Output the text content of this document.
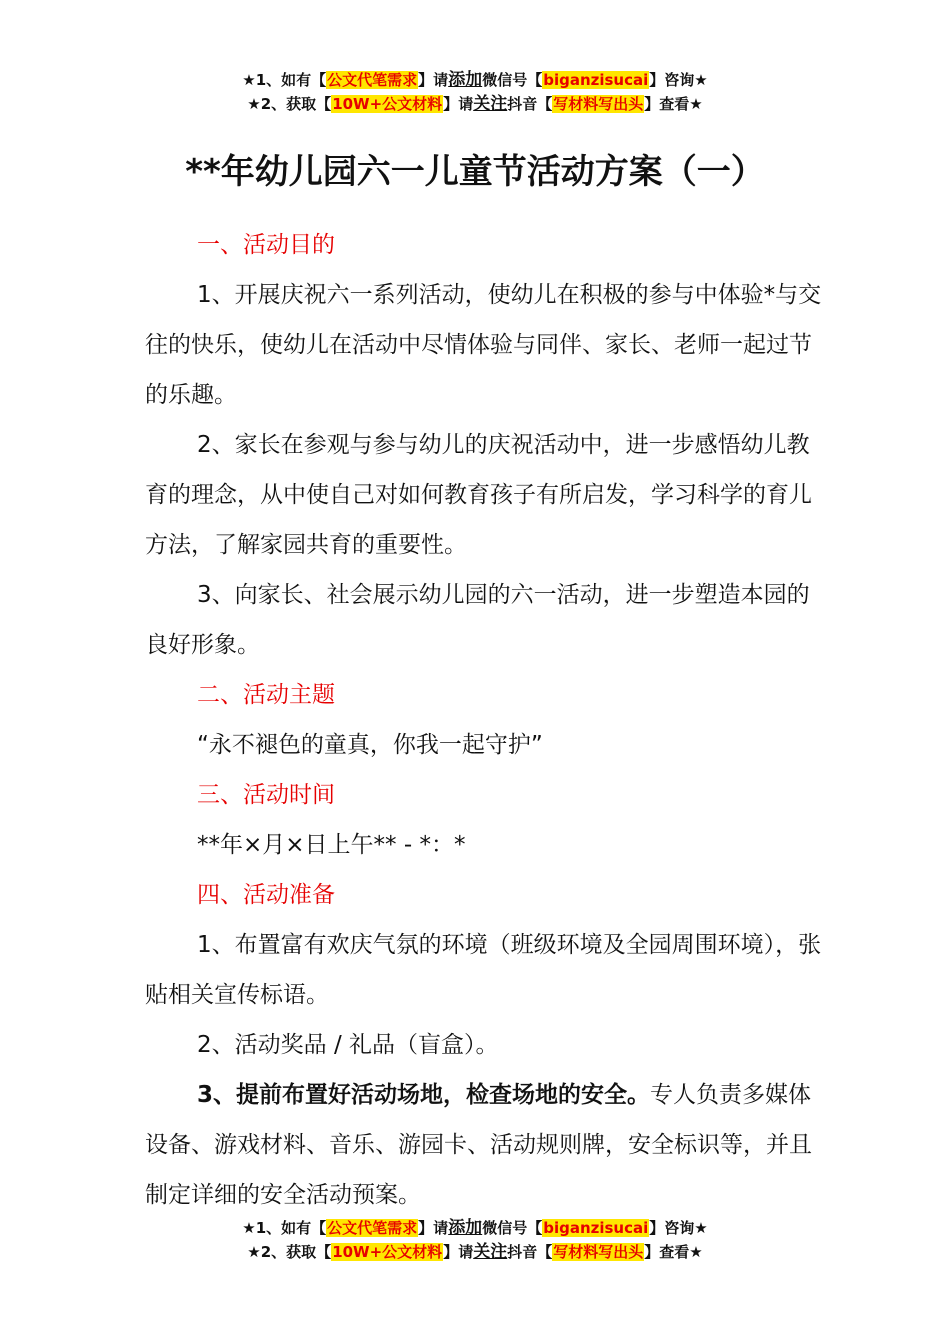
★1、如有【公文代笔需求】请添加微信号【biganzisucai】咨询★
★2、获取【10W+公文材料】请关注抖音【写材料写出头】查看★
**年幼儿园六一儿童节活动方案（一）

一、活动目的

1、开展庆祝六一系列活动，使幼儿在积极的参与中体验*与交往的快乐，使幼儿在活动中尽情体验与同伴、家长、老师一起过节的乐趣。

2、家长在参观与参与幼儿的庆祝活动中，进一步感悟幼儿教育的理念，从中使自己对如何教育孩子有所启发，学习科学的育儿方法，了解家园共育的重要性。

3、向家长、社会展示幼儿园的六一活动，进一步塑造本园的良好形象。

二、活动主题

“永不褪色的童真，你我一起守护”

三、活动时间

**年×月×日上午** - *：*

四、活动准备

1、布置富有欢庆气氛的环境（班级环境及全园周围环境），张贴相关宣传标语。

2、活动奖品 / 礼品（盲盒）。

3、提前布置好活动场地，检查场地的安全。专人负责多媒体设备、游戏材料、音乐、游园卡、活动规则牌，安全标识等，并且制定详细的安全活动预案。

★1、如有【公文代笔需求】请添加微信号【biganzisucai】咨询★
★2、获取【10W+公文材料】请关注抖音【写材料写出头】查看★
